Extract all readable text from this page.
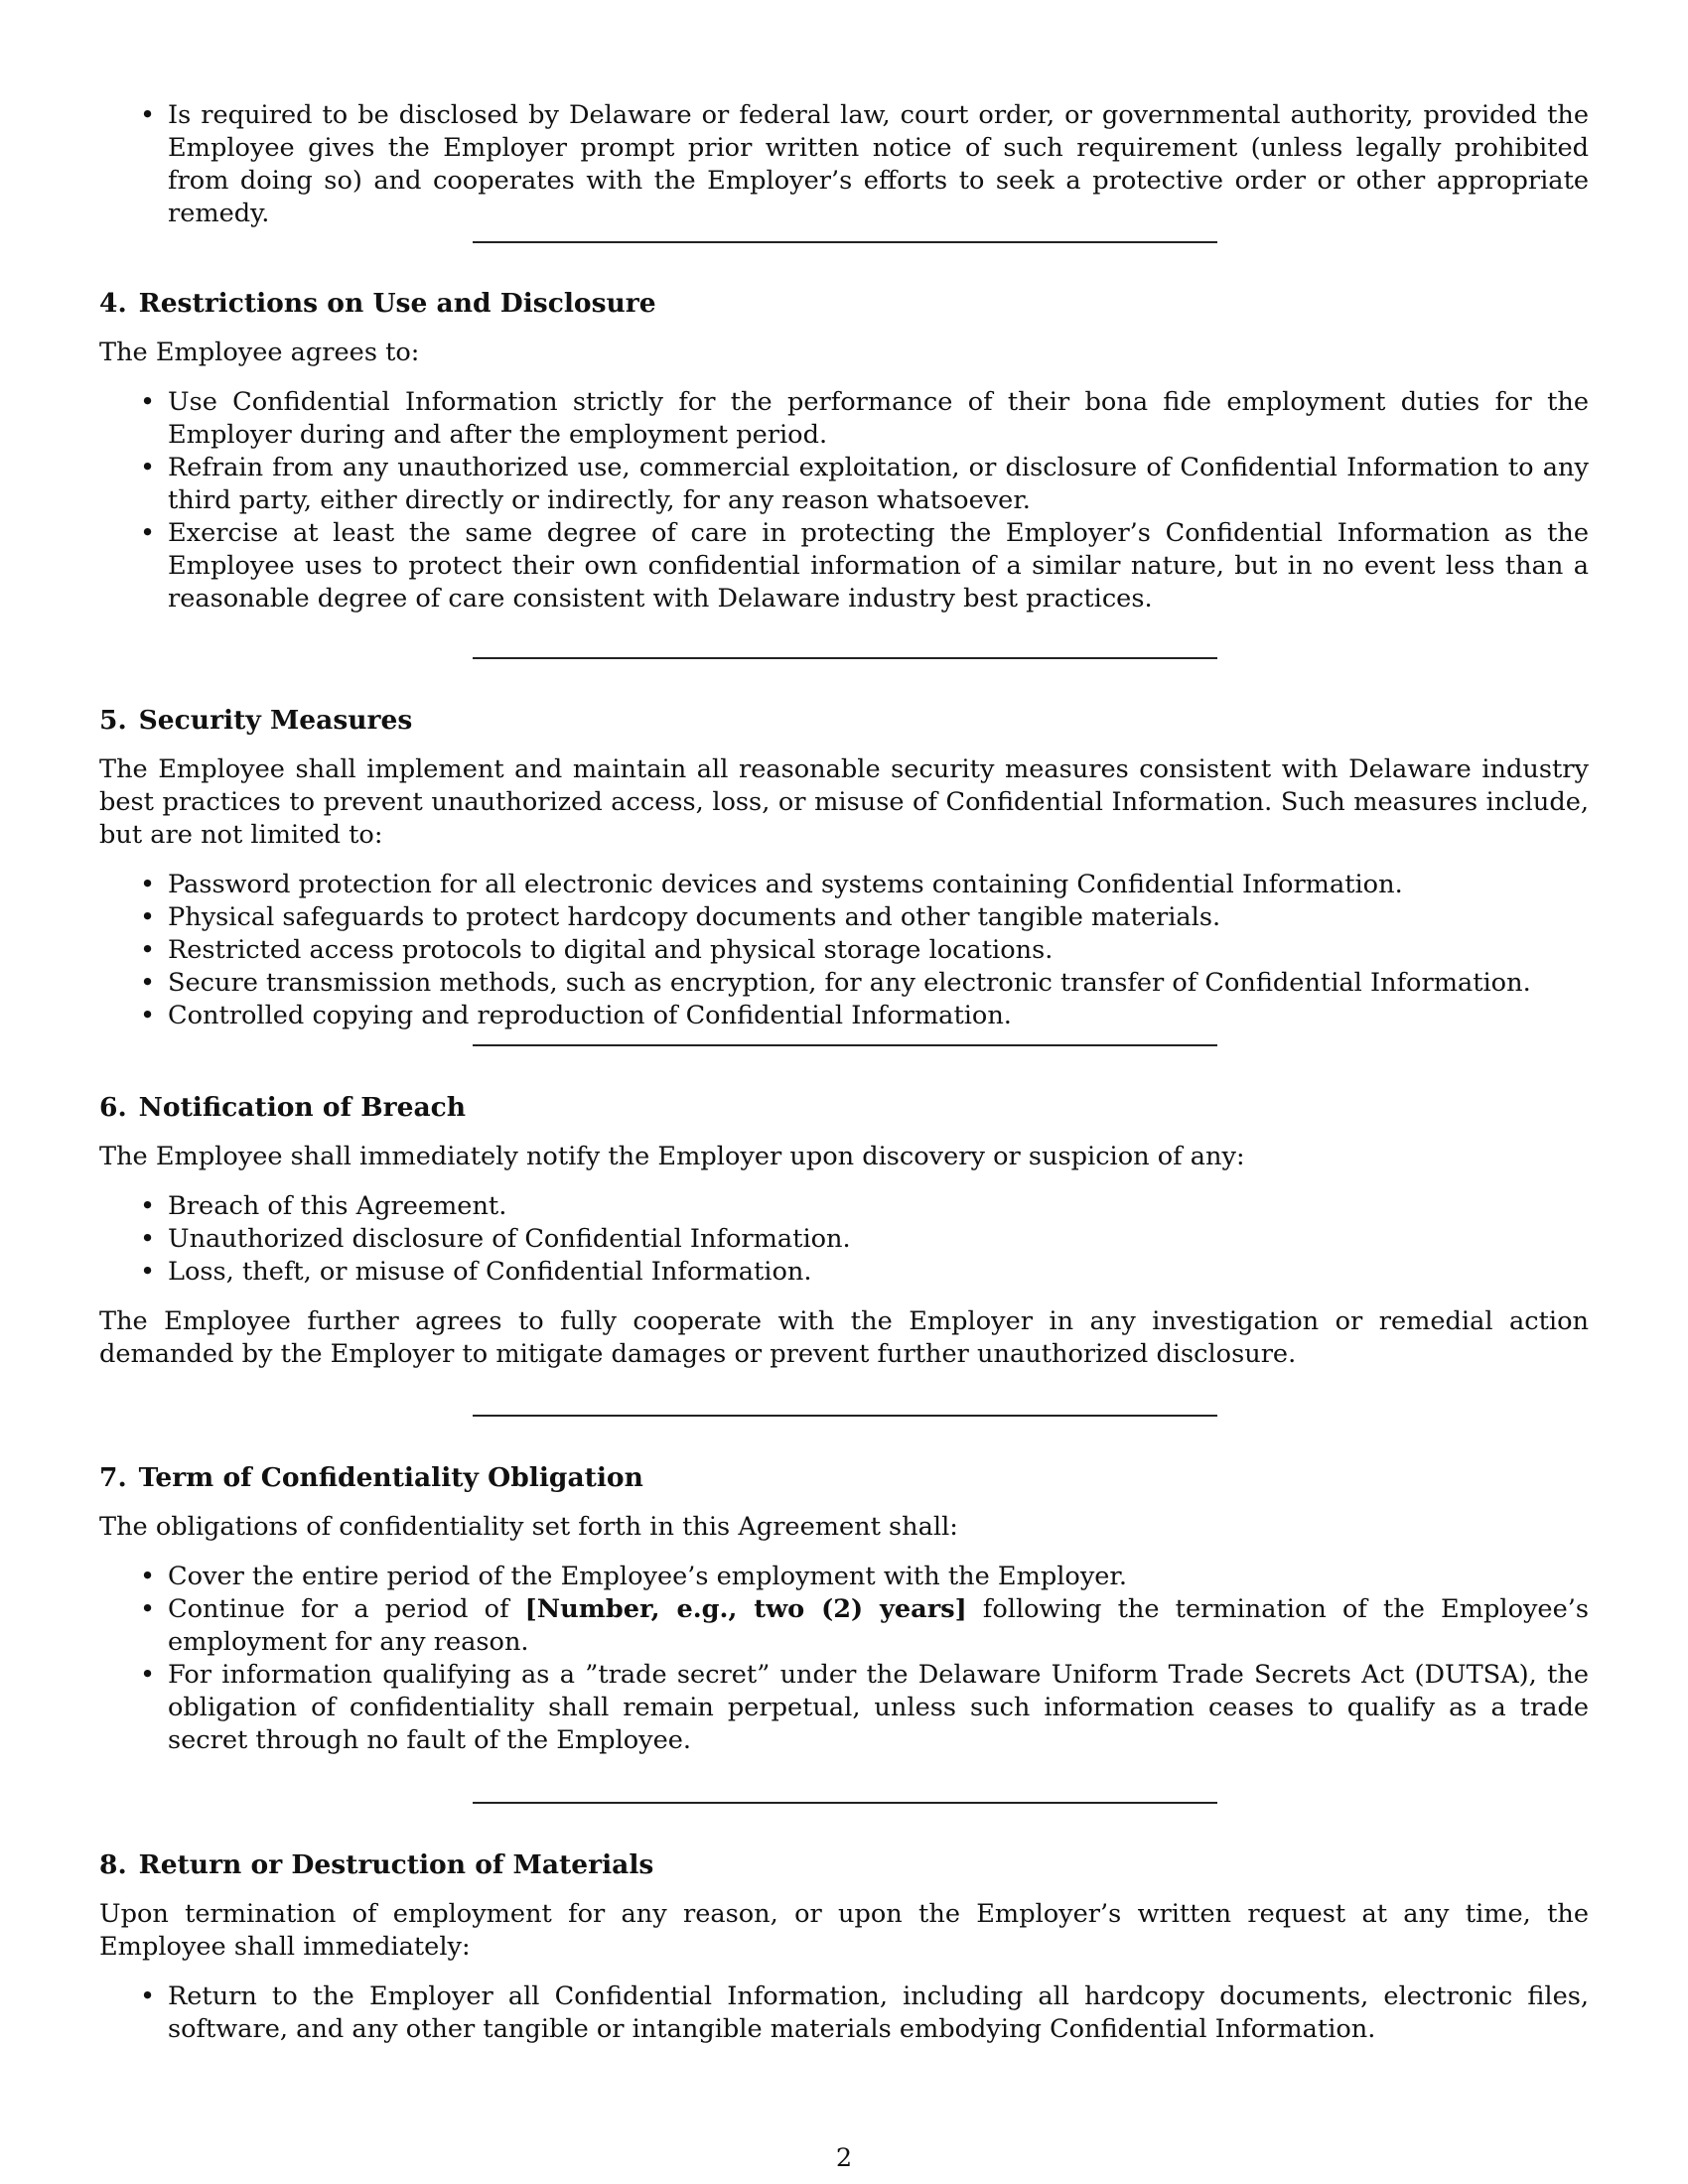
• Is required to be disclosed by Delaware or federal law, court order, or governmental authority, provided the Employee gives the Employer prompt prior written notice of such requirement (unless legally prohibited from doing so) and cooperates with the Employer’s efforts to seek a protective order or other appropriate remedy.
4. Restrictions on Use and Disclosure

The Employee agrees to:

• Use Confidential Information strictly for the performance of their bona fide employment duties for the Employer during and after the employment period.
• Refrain from any unauthorized use, commercial exploitation, or disclosure of Confidential Information to any third party, either directly or indirectly, for any reason whatsoever.
• Exercise at least the same degree of care in protecting the Employer’s Confidential Information as the Employee uses to protect their own confidential information of a similar nature, but in no event less than a reasonable degree of care consistent with Delaware industry best practices.
5. Security Measures

The Employee shall implement and maintain all reasonable security measures consistent with Delaware industry best practices to prevent unauthorized access, loss, or misuse of Confidential Information. Such measures include, but are not limited to:

• Password protection for all electronic devices and systems containing Confidential Information.
• Physical safeguards to protect hardcopy documents and other tangible materials.
• Restricted access protocols to digital and physical storage locations.
• Secure transmission methods, such as encryption, for any electronic transfer of Confidential Information.
• Controlled copying and reproduction of Confidential Information.
6. Notification of Breach

The Employee shall immediately notify the Employer upon discovery or suspicion of any:

• Breach of this Agreement.
• Unauthorized disclosure of Confidential Information.
• Loss, theft, or misuse of Confidential Information.

The Employee further agrees to fully cooperate with the Employer in any investigation or remedial action demanded by the Employer to mitigate damages or prevent further unauthorized disclosure.

7. Term of Confidentiality Obligation

The obligations of confidentiality set forth in this Agreement shall:

• Cover the entire period of the Employee’s employment with the Employer.
• Continue for a period of [Number, e.g., two (2) years] following the termination of the Employee’s employment for any reason.
• For information qualifying as a ”trade secret” under the Delaware Uniform Trade Secrets Act (DUTSA), the obligation of confidentiality shall remain perpetual, unless such information ceases to qualify as a trade secret through no fault of the Employee.
8. Return or Destruction of Materials

Upon termination of employment for any reason, or upon the Employer’s written request at any time, the Employee shall immediately:

• Return to the Employer all Confidential Information, including all hardcopy documents, electronic files, software, and any other tangible or intangible materials embodying Confidential Information.
2
